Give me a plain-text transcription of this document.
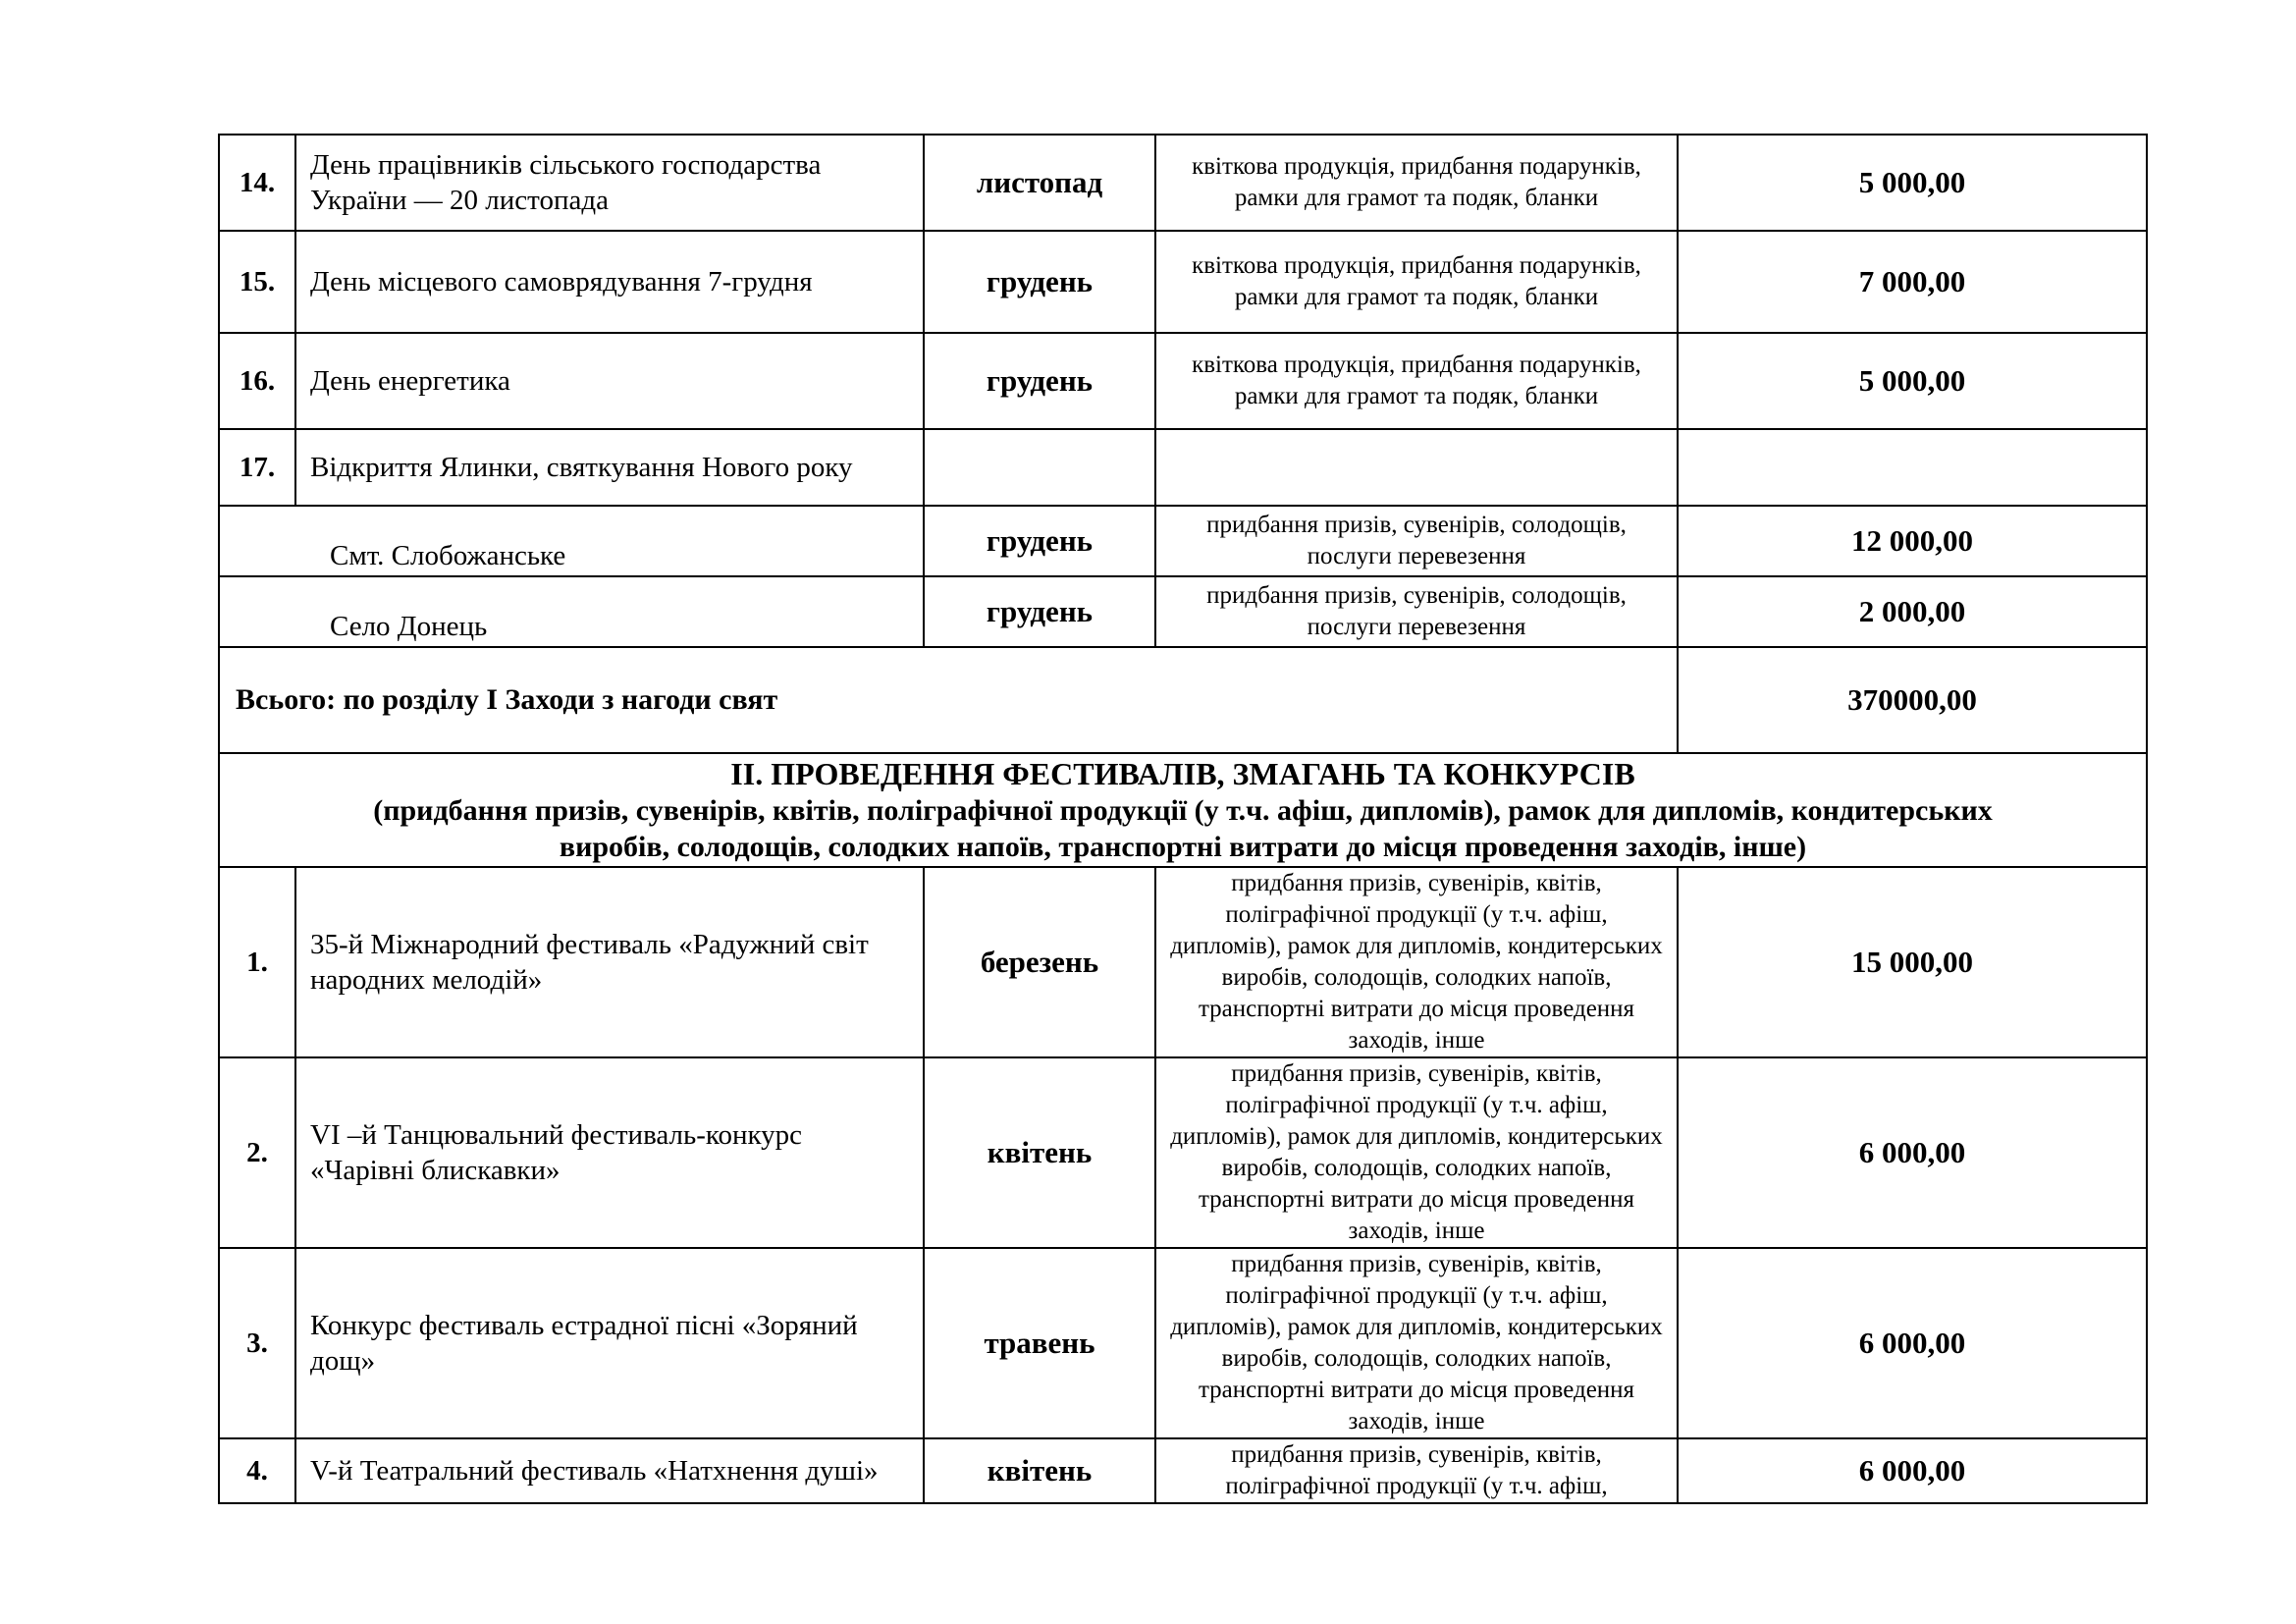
14.	День працівників сільського господарства України — 20 листопада	листопад	квіткова продукція, придбання подарунків, рамки для грамот та подяк, бланки	5 000,00
15.	День місцевого самоврядування 7-грудня	грудень	квіткова продукція, придбання подарунків, рамки для грамот та подяк, бланки	7 000,00
16.	День енергетика	грудень	квіткова продукція, придбання подарунків, рамки для грамот та подяк, бланки	5 000,00
17.	Відкриття Ялинки, святкування Нового року			
Смт. Слобожанське		грудень	придбання призів, сувенірів, солодощів, послуги перевезення	12 000,00
Село Донець		грудень	придбання призів, сувенірів, солодощів, послуги перевезення	2 000,00
Всього: по розділу І Заходи з нагоди свят				370000,00

ІІ. ПРОВЕДЕННЯ ФЕСТИВАЛІВ, ЗМАГАНЬ ТА КОНКУРСІВ
(придбання призів, сувенірів, квітів, поліграфічної продукції (у т.ч. афіш, дипломів), рамок для дипломів, кондитерських
виробів, солодощів, солодких напоїв, транспортні витрати до місця проведення заходів, інше)				

1.	35-й Міжнародний фестиваль «Радужний світ народних мелодій»	березень	придбання призів, сувенірів, квітів, поліграфічної продукції (у т.ч. афіш, дипломів), рамок для дипломів, кондитерських виробів, солодощів, солодких напоїв, транспортні витрати до місця проведення заходів, інше	15 000,00
2.	VI –й Танцювальний фестиваль-конкурс «Чарівні блискавки»	квітень	придбання призів, сувенірів, квітів, поліграфічної продукції (у т.ч. афіш, дипломів), рамок для дипломів, кондитерських виробів, солодощів, солодких напоїв, транспортні витрати до місця проведення заходів, інше	6 000,00
3.	Конкурс фестиваль естрадної пісні «Зоряний дощ»	травень	придбання призів, сувенірів, квітів, поліграфічної продукції (у т.ч. афіш, дипломів), рамок для дипломів, кондитерських виробів, солодощів, солодких напоїв, транспортні витрати до місця проведення заходів, інше	6 000,00
4.	V-й Театральний фестиваль «Натхнення душі»	квітень	придбання призів, сувенірів, квітів, поліграфічної продукції (у т.ч. афіш,	6 000,00
